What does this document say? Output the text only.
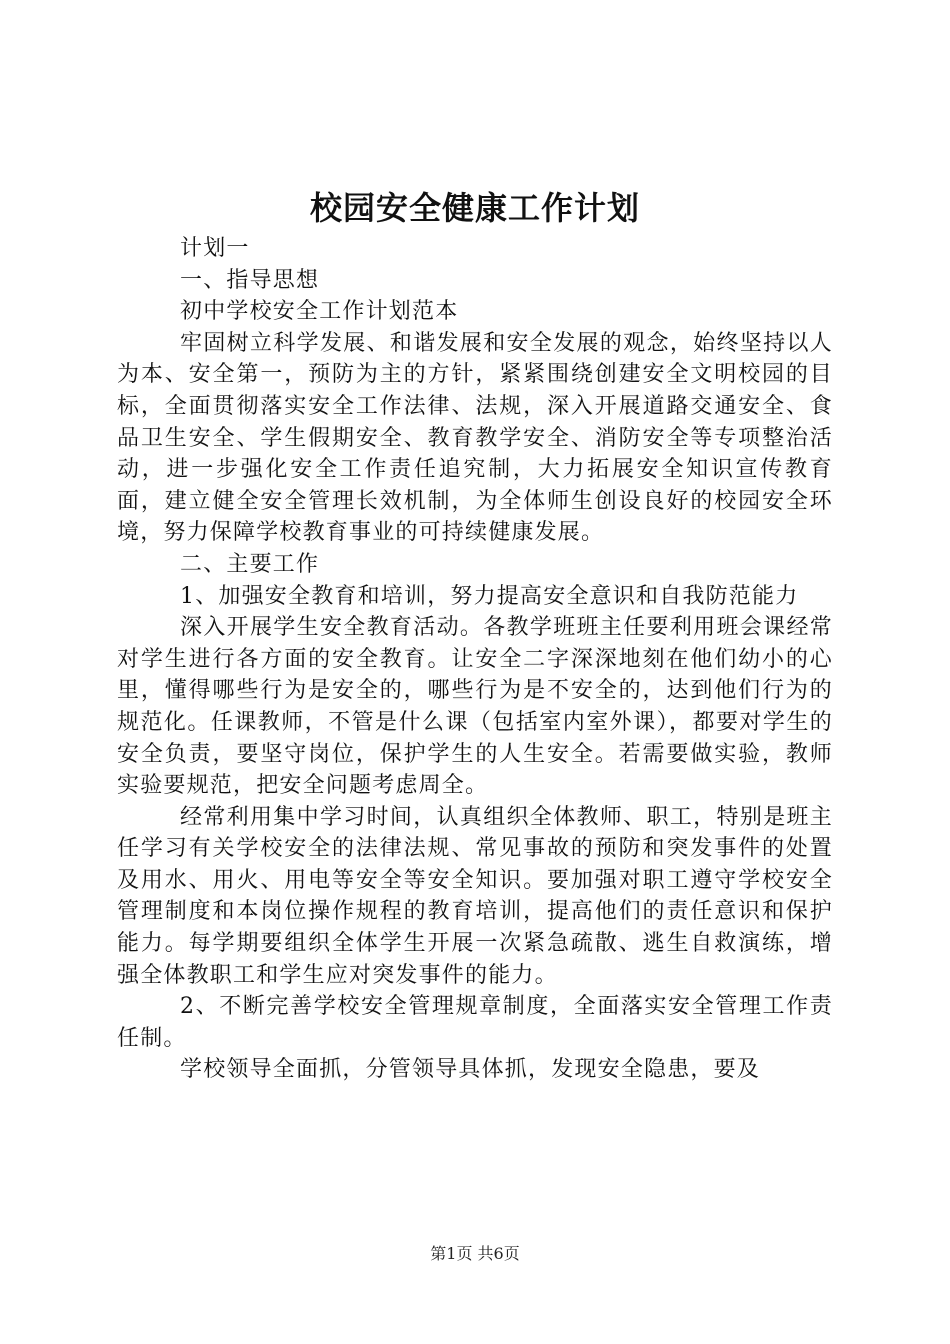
校园安全健康工作计划

计划一

一、指导思想

初中学校安全工作计划范本

牢固树立科学发展、和谐发展和安全发展的观念，始终坚持以人为本、安全第一，预防为主的方针，紧紧围绕创建安全文明校园的目标，全面贯彻落实安全工作法律、法规，深入开展道路交通安全、食品卫生安全、学生假期安全、教育教学安全、消防安全等专项整治活动，进一步强化安全工作责任追究制，大力拓展安全知识宣传教育面，建立健全安全管理长效机制，为全体师生创设良好的校园安全环境，努力保障学校教育事业的可持续健康发展。

二、主要工作

1、加强安全教育和培训，努力提高安全意识和自我防范能力

深入开展学生安全教育活动。各教学班班主任要利用班会课经常对学生进行各方面的安全教育。让安全二字深深地刻在他们幼小的心里，懂得哪些行为是安全的，哪些行为是不安全的，达到他们行为的规范化。任课教师，不管是什么课（包括室内室外课），都要对学生的安全负责，要坚守岗位，保护学生的人生安全。若需要做实验，教师实验要规范，把安全问题考虑周全。

经常利用集中学习时间，认真组织全体教师、职工，特别是班主任学习有关学校安全的法律法规、常见事故的预防和突发事件的处置及用水、用火、用电等安全等安全知识。要加强对职工遵守学校安全管理制度和本岗位操作规程的教育培训，提高他们的责任意识和保护能力。每学期要组织全体学生开展一次紧急疏散、逃生自救演练，增强全体教职工和学生应对突发事件的能力。

2、不断完善学校安全管理规章制度，全面落实安全管理工作责任制。

学校领导全面抓，分管领导具体抓，发现安全隐患，要及

第1页 共6页
